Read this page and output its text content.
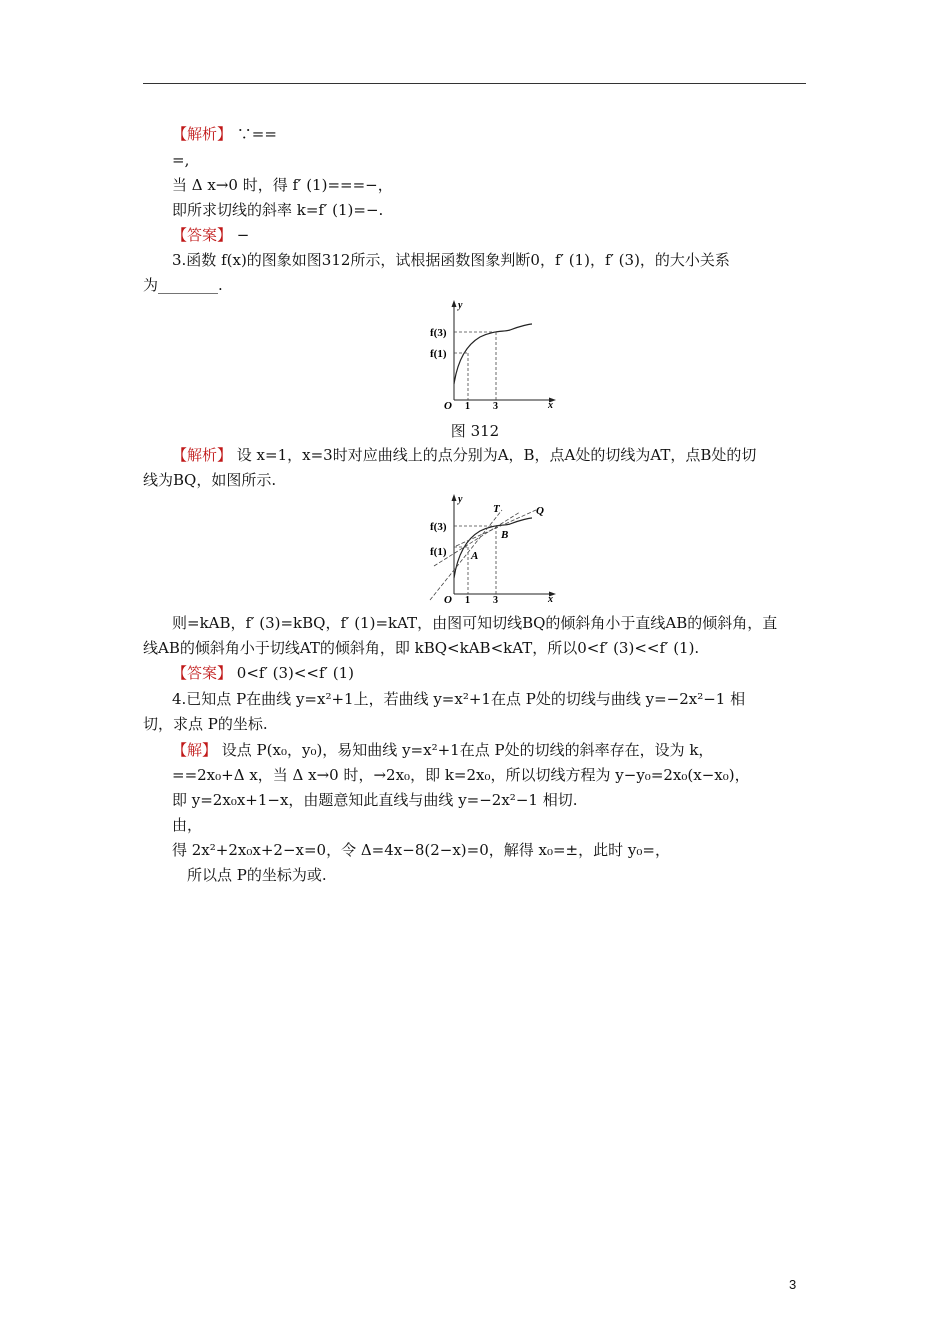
【解析】 ∵==
=,
当 Δ x→0 时，得 f′ (1)===−，
即所求切线的斜率 k=f′ (1)=−.
【答案】 −
3.函数 f(x)的图象如图312所示，试根据函数图象判断0，f′ (1)，f′ (3)，的大小关系
为________.
y
x
O 1 3
f(3)
f(1)
图 312
【解析】 设 x=1，x=3时对应曲线上的点分别为A，B，点A处的切线为AT，点B处的切
线为BQ，如图所示.
y
x
O 1 3
f(3)
f(1)
T	Q
A
B
则=kAB，f′ (3)=kBQ，f′ (1)=kAT，由图可知切线BQ的倾斜角小于直线AB的倾斜角，直
线AB的倾斜角小于切线AT的倾斜角，即 kBQ<kAB<kAT，所以0<f′ (3)<<f′ (1).
【答案】 0<f′ (3)<<f′ (1)
4.已知点 P在曲线 y=x²+1上，若曲线 y=x²+1在点 P处的切线与曲线 y=−2x²−1 相
切，求点 P的坐标.
【解】 设点 P(x₀，y₀)，易知曲线 y=x²+1在点 P处的切线的斜率存在，设为 k，
==2x₀+Δ x，当 Δ x→0 时，→2x₀，即 k=2x₀，所以切线方程为 y−y₀=2x₀(x−x₀)，
即 y=2x₀x+1−x，由题意知此直线与曲线 y=−2x²−1 相切.
由，
得 2x²+2x₀x+2−x=0，令 Δ=4x−8(2−x)=0，解得 x₀=±，此时 y₀=，
所以点 P的坐标为或.
3
